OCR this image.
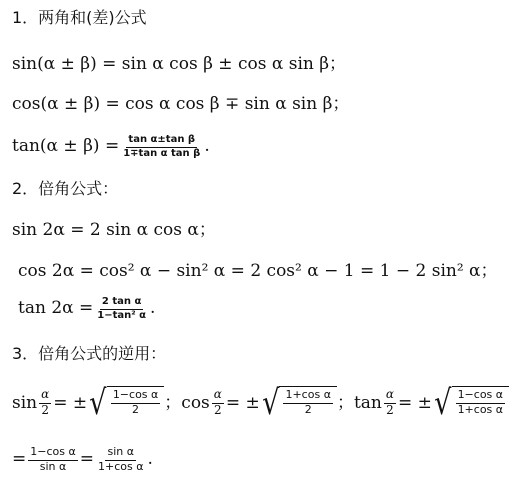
1．两角和(差)公式
sin(α ± β) = sin α cos β ± cos α sin β；
cos(α ± β) = cos α cos β ∓ sin α sin β；
$\tan(\alpha \pm \beta) = \frac{\text{tan α±tan β}}{\text{1∓tan α tan β}}$ .
2．倍角公式：
sin 2α = 2 sin α cos α；
cos 2α = cos² α − sin² α = 2 cos² α − 1 = 1 − 2 sin² α；
$\tan 2\alpha = \frac{\text{2 tan α}}{\text{1−tan² α}}$ .
3．倍角公式的逆用：
$\sin \frac{\alpha}{2}$ = ± √ $\frac{\text{1−cos α}}{2}$ ； $\cos \frac{\alpha}{2}$ = ± √ $\frac{\text{1+cos α}}{2}$ ； $\tan \frac{\alpha}{2}$ = ± √ $\frac{\text{1−cos α}}{\text{1+cos α}}$
= $\frac{\text{1−cos α}}{\text{sin α}} = \frac{\text{sin α}}{\text{1+cos α}}$ .
